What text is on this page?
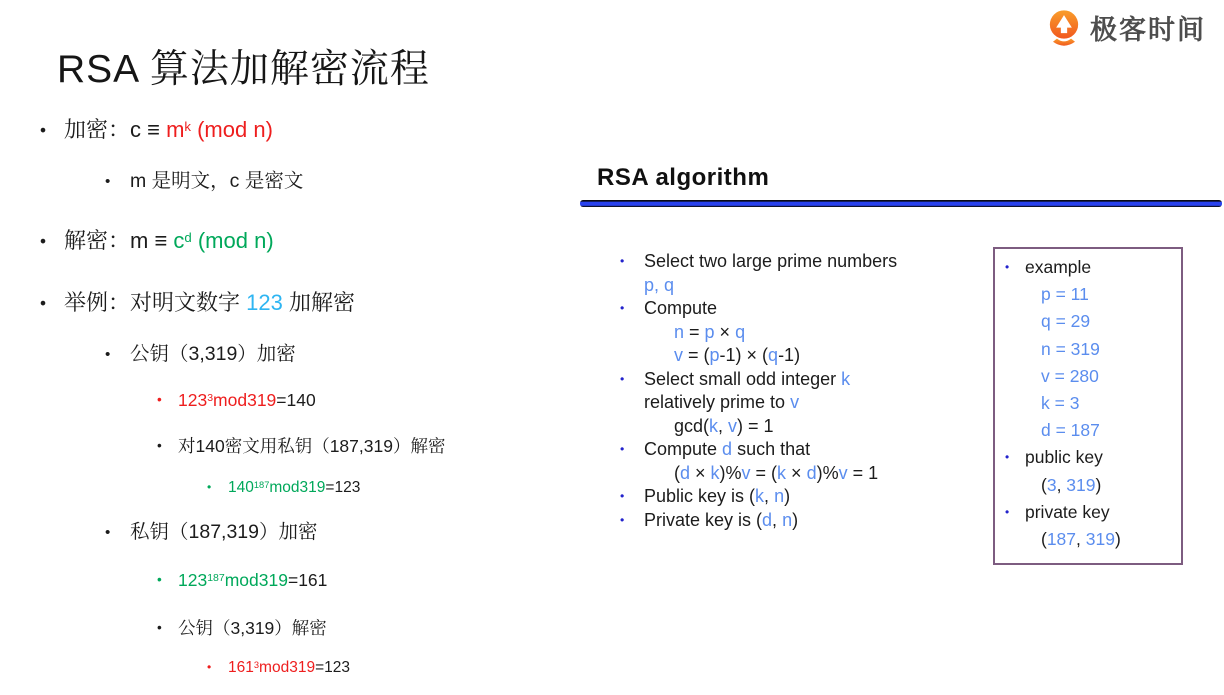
极客时间
RSA 算法加解密流程
• 加密：$c \equiv m^k$ (mod n)
•	m 是明文，c 是密文
• 解密：$m \equiv c^d$ (mod n)
• 举例：对明文数字 123 加解密
•	公钥（3,319）加密
• $123^3mod319=140$
• 对140密文用私钥（187,319）解密
•	$140^{187}mod319=123$
•	私钥（187,319）加密
• $123^{187}mod319=161$
• 公钥（3,319）解密
•	$161^3mod319=123$
RSA algorithm
•	Select two large prime numbers
p, q
•	Compute
n = p × q
v = (p-1) × (q-1)
•	Select small odd integer k
relatively prime to v
gcd(k, v) = 1
•	Compute d such that
(d × k)%v = (k × d)%v = 1
•	Public key is (k, n)
•	Private key is (d, n)
• example
p = 11
q = 29
n = 319
v = 280
k = 3
d = 187
• public key
(3, 319)
• private key
(187, 319)
